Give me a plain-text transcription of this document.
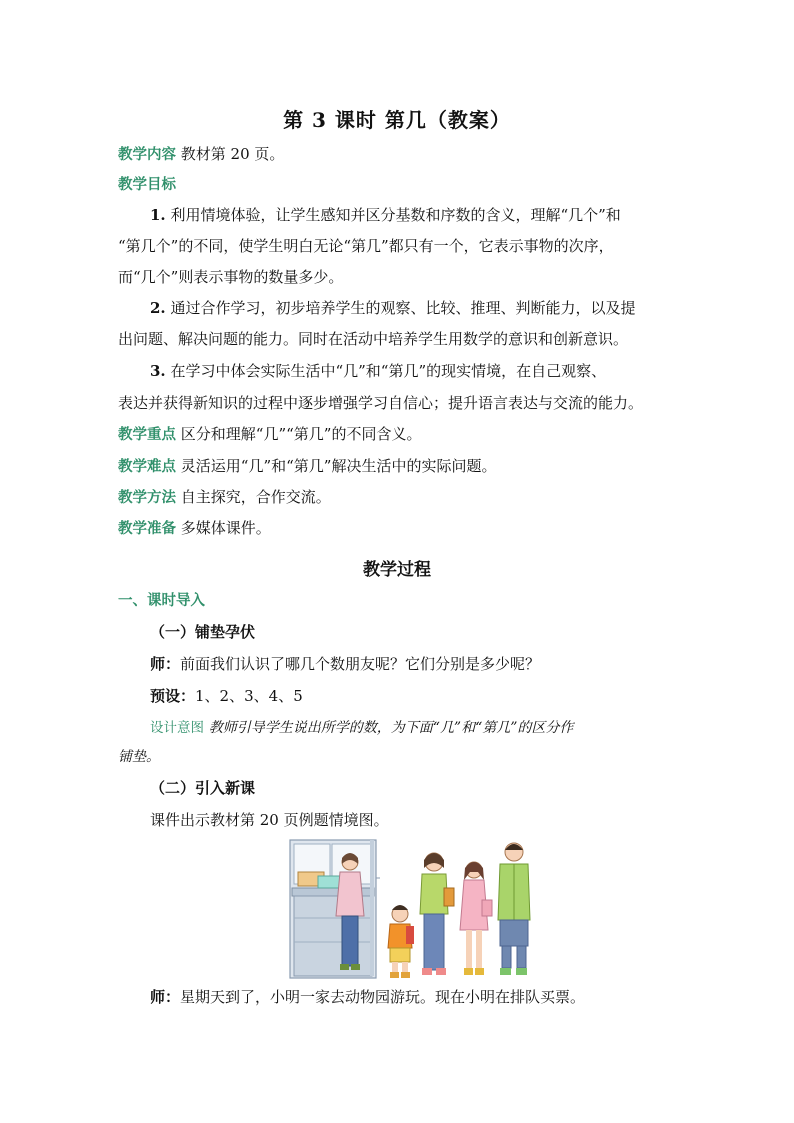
第 3 课时 第几（教案）
教学内容 教材第 20 页。
教学目标
1. 利用情境体验，让学生感知并区分基数和序数的含义，理解“几个”和
“第几个”的不同，使学生明白无论“第几”都只有一个，它表示事物的次序，
而“几个”则表示事物的数量多少。
2. 通过合作学习，初步培养学生的观察、比较、推理、判断能力，以及提
出问题、解决问题的能力。同时在活动中培养学生用数学的意识和创新意识。
3. 在学习中体会实际生活中“几”和“第几”的现实情境，在自己观察、
表达并获得新知识的过程中逐步增强学习自信心；提升语言表达与交流的能力。
教学重点 区分和理解“几”“第几”的不同含义。
教学难点 灵活运用“几”和“第几”解决生活中的实际问题。
教学方法 自主探究，合作交流。
教学准备 多媒体课件。
教学过程
一、课时导入
（一）铺垫孕伏
师：前面我们认识了哪几个数朋友呢？它们分别是多少呢？
预设：1、2、3、4、5
设计意图 教师引导学生说出所学的数，为下面“几”和“第几”的区分作
铺垫。
（二）引入新课
课件出示教材第 20 页例题情境图。
师：星期天到了，小明一家去动物园游玩。现在小明在排队买票。
